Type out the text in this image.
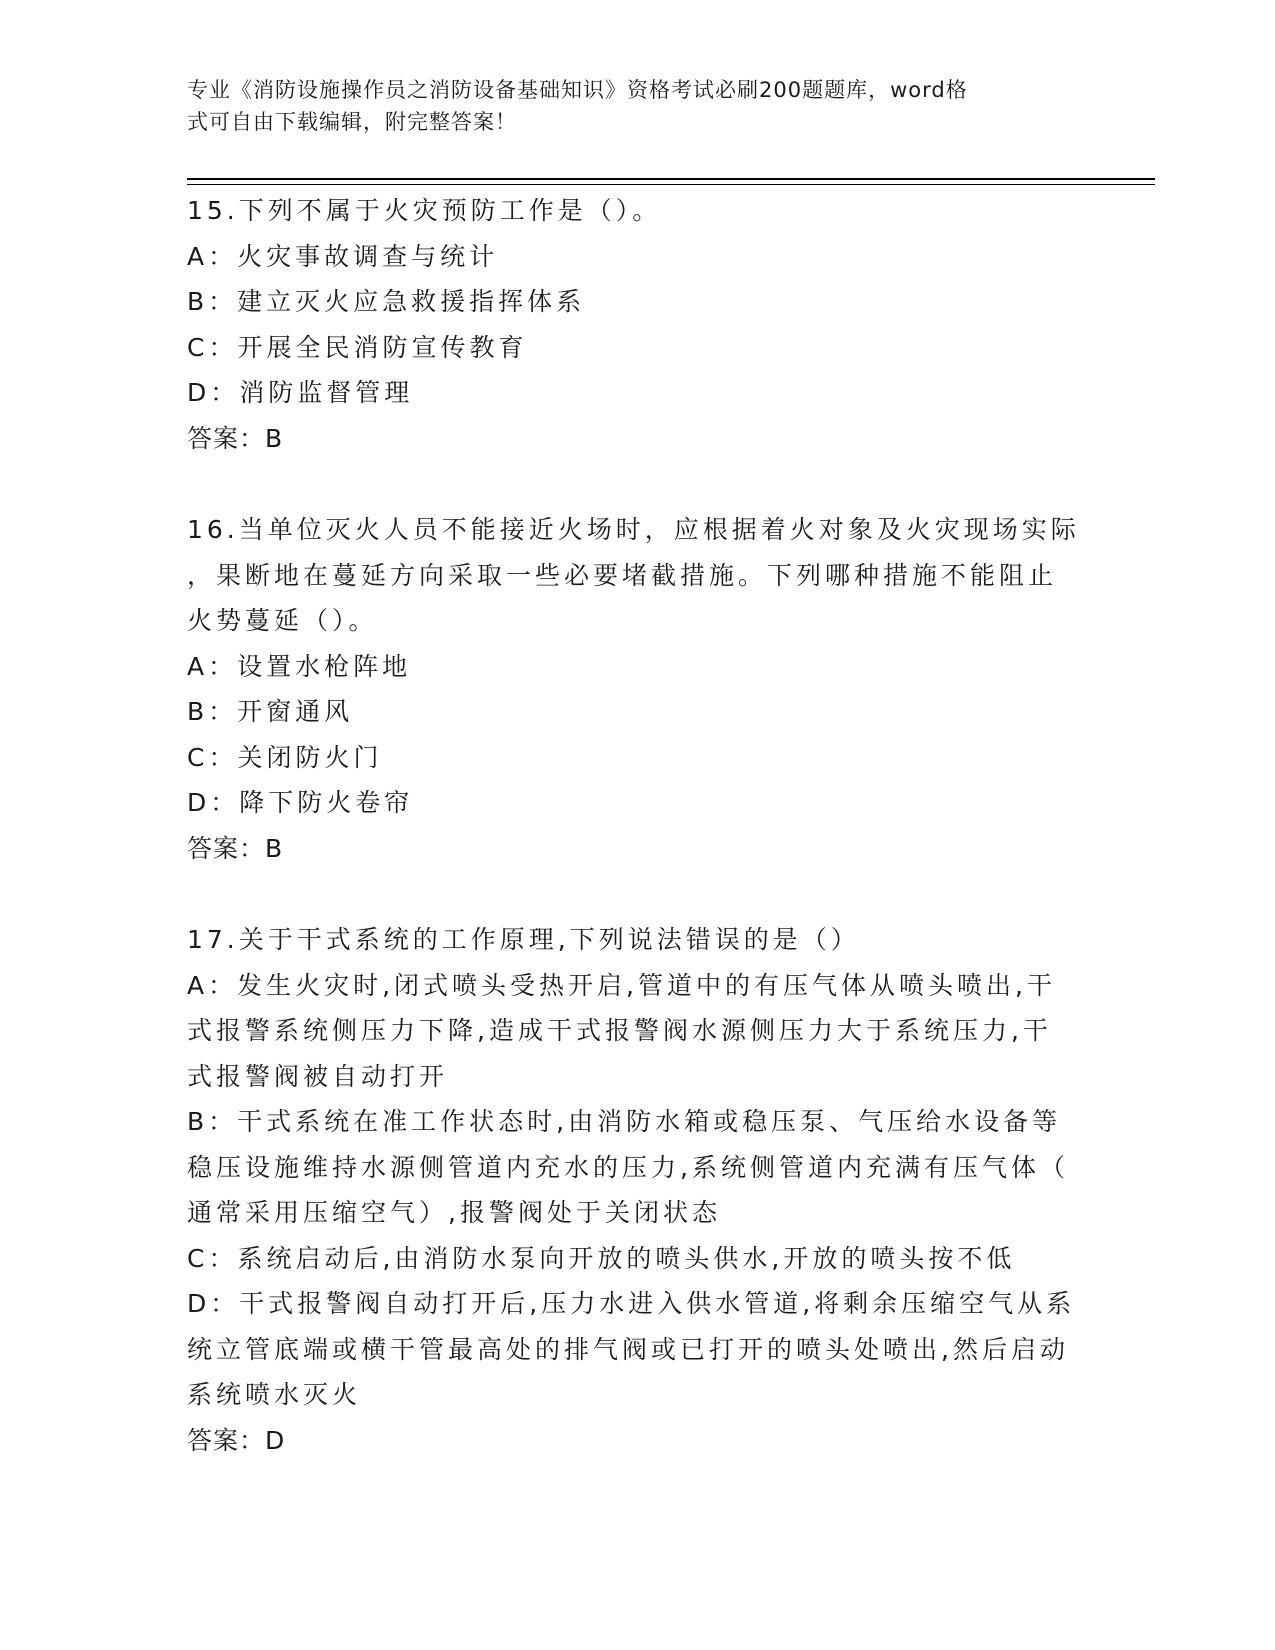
专业《消防设施操作员之消防设备基础知识》资格考试必刷200题题库，word格
式可自由下载编辑，附完整答案！
15.下列不属于火灾预防工作是（）。
A：火灾事故调查与统计
B：建立灭火应急救援指挥体系
C：开展全民消防宣传教育
D：消防监督管理
答案：B
16.当单位灭火人员不能接近火场时，应根据着火对象及火灾现场实际
，果断地在蔓延方向采取一些必要堵截措施。下列哪种措施不能阻止
火势蔓延（）。
A：设置水枪阵地
B：开窗通风
C：关闭防火门
D：降下防火卷帘
答案：B
17.关于干式系统的工作原理,下列说法错误的是（）
A：发生火灾时,闭式喷头受热开启,管道中的有压气体从喷头喷出,干
式报警系统侧压力下降,造成干式报警阀水源侧压力大于系统压力,干
式报警阀被自动打开
B：干式系统在准工作状态时,由消防水箱或稳压泵、气压给水设备等
稳压设施维持水源侧管道内充水的压力,系统侧管道内充满有压气体（
通常采用压缩空气）,报警阀处于关闭状态
C：系统启动后,由消防水泵向开放的喷头供水,开放的喷头按不低
D：干式报警阀自动打开后,压力水进入供水管道,将剩余压缩空气从系
统立管底端或横干管最高处的排气阀或已打开的喷头处喷出,然后启动
系统喷水灭火
答案：D
